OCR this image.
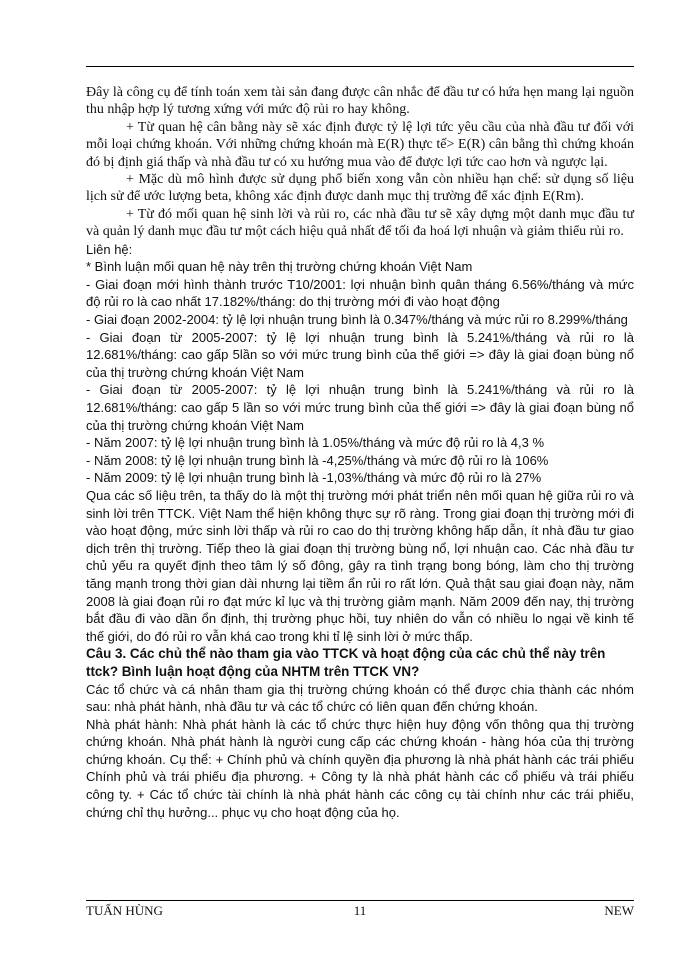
Đây là công cụ để tính toán xem tài sản đang được cân nhắc để đầu tư có hứa hẹn mang lại nguồn thu nhập hợp lý tương xứng với mức độ rủi ro hay không.

+ Từ quan hệ cân bằng này sẽ xác định được tỷ lệ lợi tức yêu cầu của nhà đầu tư đối với mỗi loại chứng khoán. Với những chứng khoán mà E(R) thực tế> E(R) cân bằng thì chứng khoán đó bị định giá thấp và nhà đầu tư có xu hướng mua vào để được lợi tức cao hơn và ngược lại.

+ Mặc dù mô hình được sử dụng phổ biến xong vẫn còn nhiều hạn chế: sử dụng số liệu lịch sử để ước lượng beta, không xác định được danh mục thị trường để xác định E(Rm).

+ Từ đó mối quan hệ sinh lời và rủi ro, các nhà đầu tư sẽ xây dựng một danh mục đầu tư và quản lý danh mục đầu tư một cách hiệu quả nhất để tối đa hoá lợi nhuận và giảm thiểu rủi ro.

Liên hệ:

* Bình luận mối quan hệ này trên thị trường chứng khoán Việt Nam

- Giai đoạn mới hình thành trước T10/2001: lợi nhuận bình quân tháng 6.56%/tháng và mức độ rủi ro là cao nhất 17.182%/tháng: do thị trường mới đi vào hoạt động

- Giai đoạn 2002-2004: tỷ lệ lợi nhuận trung bình là 0.347%/tháng và mức rủi ro 8.299%/tháng

- Giai đoạn từ 2005-2007: tỷ lệ lợi nhuận trung bình là 5.241%/tháng và rủi ro là 12.681%/tháng: cao gấp 5lần so với mức trung bình của thế giới => đây là giai đoạn bùng nổ của thị trường chứng khoán Việt Nam

- Giai đoạn từ 2005-2007: tỷ lệ lợi nhuận trung bình là 5.241%/tháng và rủi ro là 12.681%/tháng: cao gấp 5 lần so với mức trung bình của thế giới => đây là giai đoạn bùng nổ của thị trường chứng khoán Việt Nam

- Năm 2007: tỷ lệ lợi nhuận trung bình là 1.05%/tháng và mức độ rủi ro là 4,3 %

- Năm 2008: tỷ lệ lợi nhuận trung bình là -4,25%/tháng và mức độ rủi ro là 106%

- Năm 2009: tỷ lệ lợi nhuận trung bình là -1,03%/tháng và mức độ rủi ro là 27%

Qua các số liệu trên, ta thấy do là một thị trường mới phát triển nên mối quan hệ giữa rủi ro và sinh lời trên TTCK. Việt Nam thể hiện không thực sự rõ ràng. Trong giai đoạn thị trường mới đi vào hoạt động, mức sinh lời thấp và rủi ro cao do thị trường không hấp dẫn, ít nhà đầu tư giao dịch trên thị trường. Tiếp theo là giai đoạn thị trường bùng nổ, lợi nhuận cao. Các nhà đầu tư chủ yếu ra quyết định theo tâm lý số đông, gây ra tình trạng bong bóng, làm cho thị trường tăng mạnh trong thời gian dài nhưng lại tiềm ẩn rủi ro rất lớn. Quả thật sau giai đoạn này, năm 2008 là giai đoạn rủi ro đạt mức kỉ lục và thị trường giảm mạnh. Năm 2009 đến nay, thị trường bắt đầu đi vào dần ổn định, thị trường phục hồi, tuy nhiên do vẫn có nhiều lo ngại về kinh tế thế giới, do đó rủi ro vẫn khá cao trong khi tỉ lệ sinh lời ở mức thấp.

Câu 3. Các chủ thể nào tham gia vào TTCK và hoạt động của các chủ thể này trên ttck? Bình luận hoạt động của NHTM trên TTCK VN?

Các tổ chức và cá nhân tham gia thị trường chứng khoán có thể được chia thành các nhóm sau: nhà phát hành, nhà đầu tư và các tổ chức có liên quan đến chứng khoán.

Nhà phát hành: Nhà phát hành là các tổ chức thực hiện huy động vốn thông qua thị trường chứng khoán. Nhà phát hành là người cung cấp các chứng khoán - hàng hóa của thị trường chứng khoán. Cụ thể: + Chính phủ và chính quyền địa phương là nhà phát hành các trái phiếu Chính phủ và trái phiếu địa phương. + Công ty là nhà phát hành các cổ phiếu và trái phiếu công ty. + Các tổ chức tài chính là nhà phát hành các công cụ tài chính như các trái phiếu, chứng chỉ thụ hưởng... phục vụ cho hoạt động của họ.

TUẤN HÙNG	11	NEW
